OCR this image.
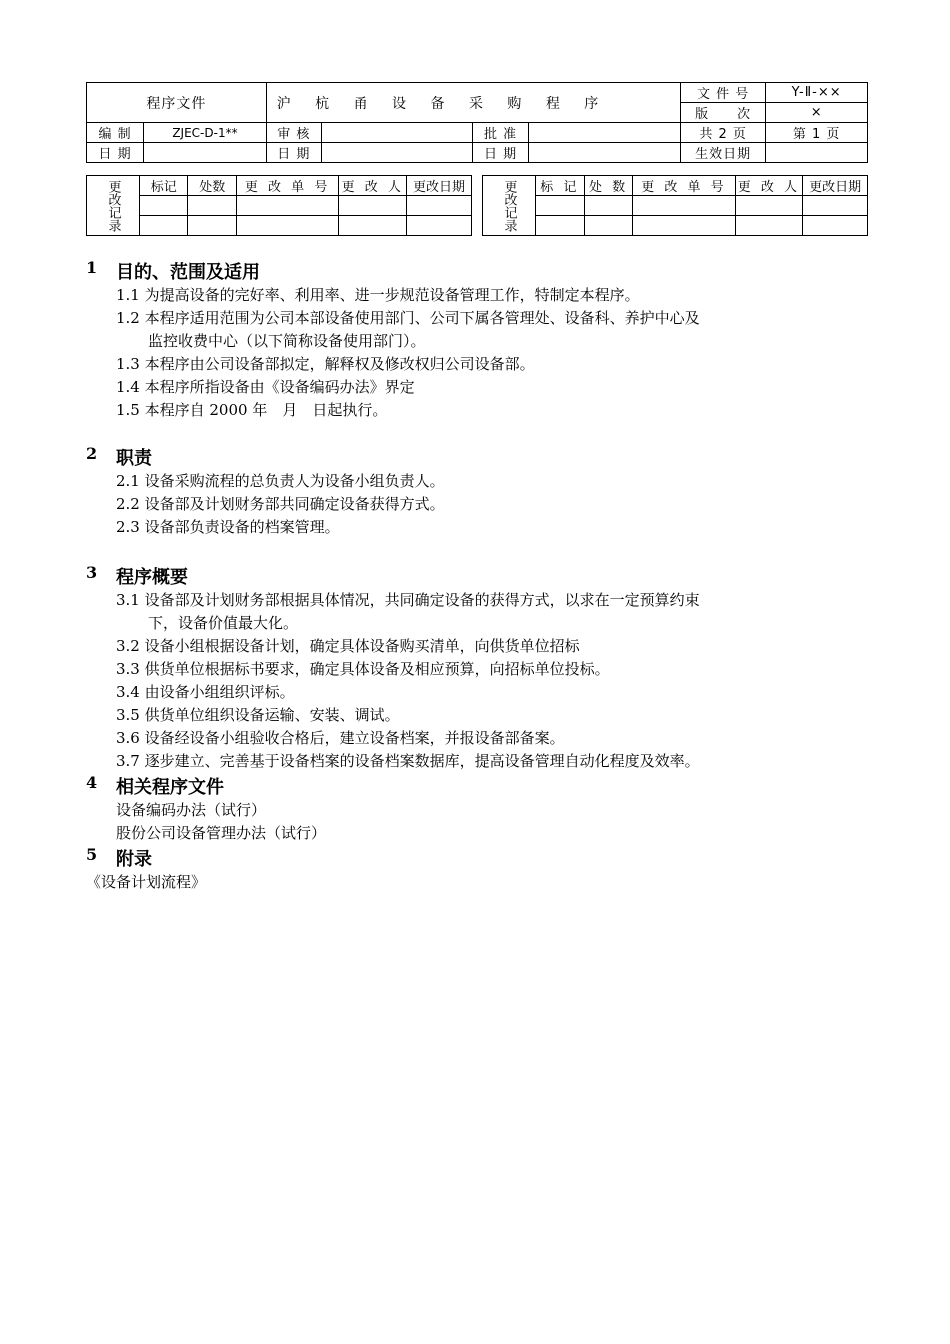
程序文件		沪 杭 甬 设 备 采 购 程 序				文 件 号	Y-Ⅱ-××
						版　　次	×
编 制	ZJEC-D-1**	审 核		批 准		共 2 页	第 1 页
日 期		日 期		日 期		生效日期	
更改记录	标记	处数	更 改 单 号	更 改 人	更改日期

					更改记录	标 记	处 数	更 改 单 号	更 改 人	更改日期

1	目的、范围及适用
1.1 为提高设备的完好率、利用率、进一步规范设备管理工作，特制定本程序。
1.2 本程序适用范围为公司本部设备使用部门、公司下属各管理处、设备科、养护中心及
监控收费中心（以下简称设备使用部门）。
1.3 本程序由公司设备部拟定，解释权及修改权归公司设备部。
1.4 本程序所指设备由《设备编码办法》界定
1.5 本程序自 2000 年　月　日起执行。
2	职责
2.1 设备采购流程的总负责人为设备小组负责人。
2.2 设备部及计划财务部共同确定设备获得方式。
2.3 设备部负责设备的档案管理。
3	程序概要
3.1 设备部及计划财务部根据具体情况，共同确定设备的获得方式，以求在一定预算约束
下，设备价值最大化。
3.2 设备小组根据设备计划，确定具体设备购买清单，向供货单位招标
3.3 供货单位根据标书要求，确定具体设备及相应预算，向招标单位投标。
3.4 由设备小组组织评标。
3.5 供货单位组织设备运输、安装、调试。
3.6 设备经设备小组验收合格后，建立设备档案，并报设备部备案。
3.7 逐步建立、完善基于设备档案的设备档案数据库，提高设备管理自动化程度及效率。
4	相关程序文件
设备编码办法（试行）
股份公司设备管理办法（试行）
5	附录
《设备计划流程》
